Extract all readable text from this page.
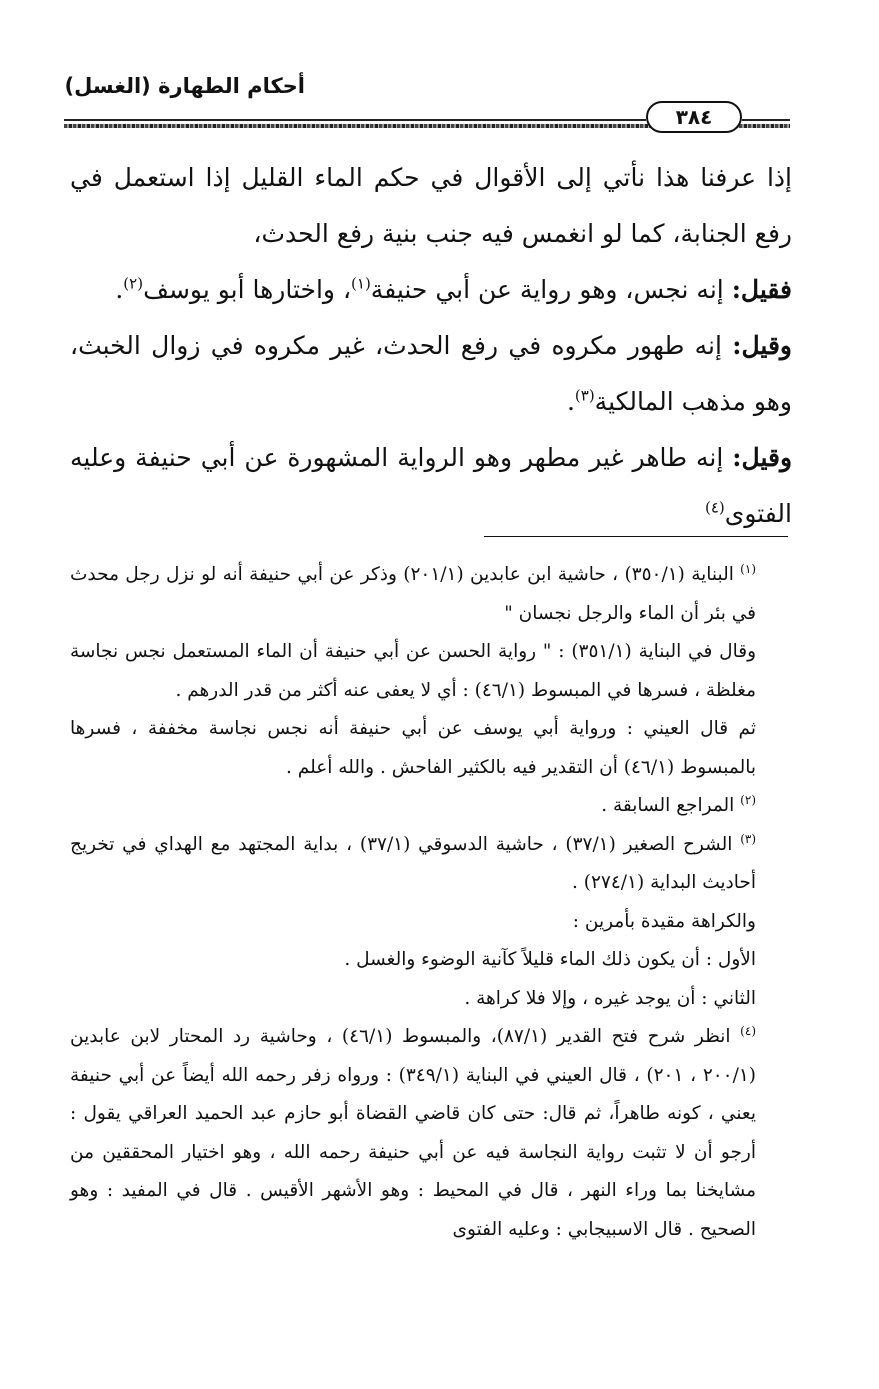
أحكام الطهارة (الغسل)
٣٨٤

إذا عرفنا هذا نأتي إلى الأقوال في حكم الماء القليل إذا استعمل في رفع الجنابة، كما لو انغمس فيه جنب بنية رفع الحدث،

فقيل: إنه نجس، وهو رواية عن أبي حنيفة$^{(١)}$، واختارها أبو يوسف$^{(٢)}$.

وقيل: إنه طهور مكروه في رفع الحدث، غير مكروه في زوال الخبث، وهو مذهب المالكية$^{(٣)}$.

وقيل: إنه طاهر غير مطهر وهو الرواية المشهورة عن أبي حنيفة وعليه الفتوى$^{(٤)}$

$^{(١)}$ البناية (٣٥٠/١) ، حاشية ابن عابدين (٢٠١/١) وذكر عن أبي حنيفة أنه لو نزل رجل محدث في بئر أن الماء والرجل نجسان "

وقال في البناية (٣٥١/١) : " رواية الحسن عن أبي حنيفة أن الماء المستعمل نجس نجاسة مغلظة ، فسرها في المبسوط (٤٦/١) : أي لا يعفى عنه أكثر من قدر الدرهم .

ثم قال العيني : ورواية أبي يوسف عن أبي حنيفة أنه نجس نجاسة مخففة ، فسرها بالمبسوط (٤٦/١) أن التقدير فيه بالكثير الفاحش . والله أعلم .

$^{(٢)}$ المراجع السابقة .

$^{(٣)}$ الشرح الصغير (٣٧/١) ، حاشية الدسوقي (٣٧/١) ، بداية المجتهد مع الهداي في تخريج أحاديث البداية (٢٧٤/١) .

والكراهة مقيدة بأمرين :

الأول : أن يكون ذلك الماء قليلاً كآنية الوضوء والغسل .

الثاني : أن يوجد غيره ، وإلا فلا كراهة .

$^{(٤)}$ انظر شرح فتح القدير (٨٧/١)، والمبسوط (٤٦/١) ، وحاشية رد المحتار لابن عابدين (٢٠٠/١ ، ٢٠١) ، قال العيني في البناية (٣٤٩/١) : ورواه زفر رحمه الله أيضاً عن أبي حنيفة يعني ، كونه طاهراً، ثم قال: حتى كان قاضي القضاة أبو حازم عبد الحميد العراقي يقول : أرجو أن لا تثبت رواية النجاسة فيه عن أبي حنيفة رحمه الله ، وهو اختيار المحققين من مشايخنا بما وراء النهر ، قال في المحيط : وهو الأشهر الأقيس . قال في المفيد : وهو الصحيح . قال الاسبيجابي : وعليه الفتوى
